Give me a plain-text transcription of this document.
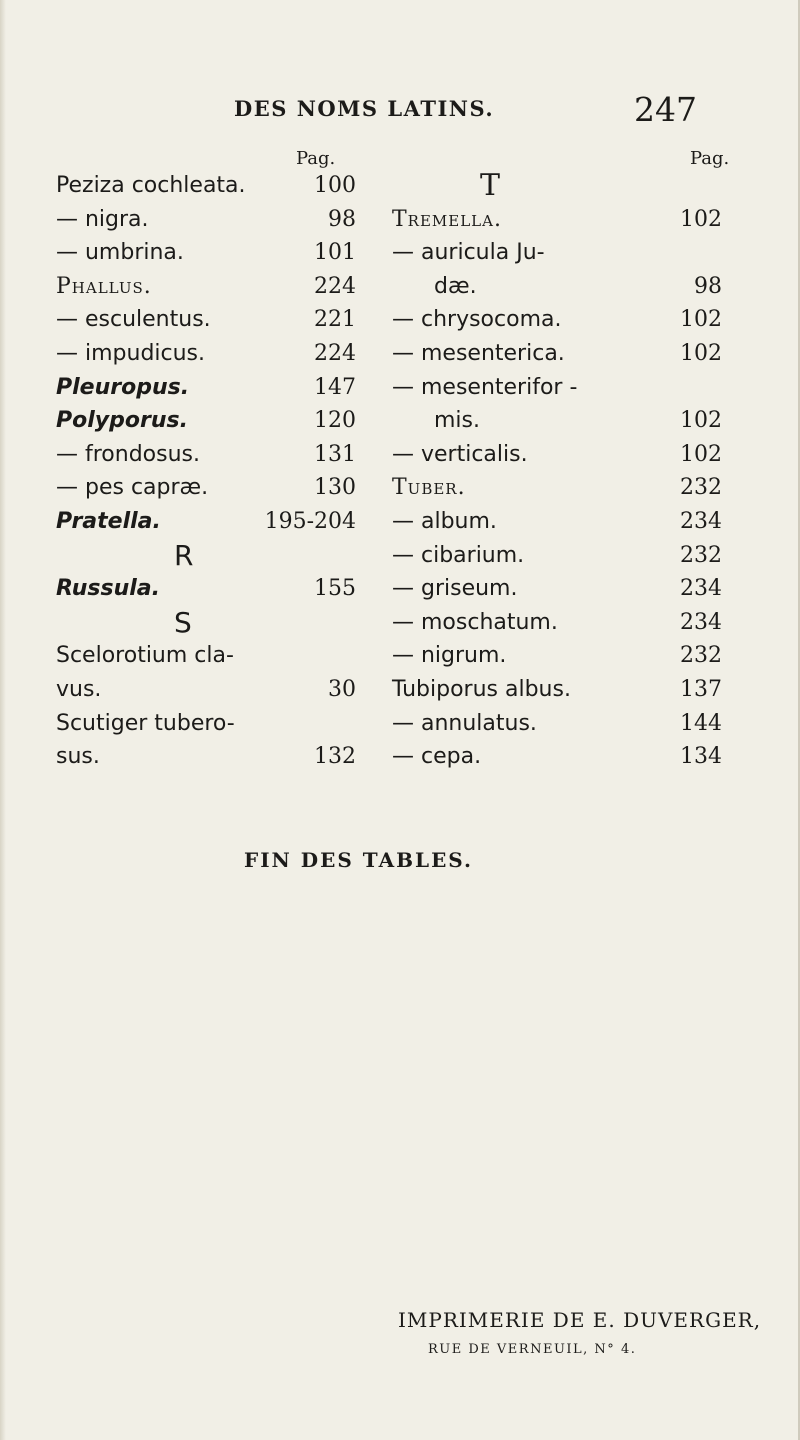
DES NOMS LATINS.	247
Pag.
Peziza cochleata.	100
— nigra.	98
— umbrina.	101
Phallus.	224
— esculentus.	221
— impudicus.	224
Pleuropus.	147
Polyporus.	120
— frondosus.	131
— pes capræ.	130
Pratella.	195-204
R
Russula.	155
S
Scelorotium cla-
vus.	30
Scutiger tubero-
sus.	132
Pag.
T
Tremella.	102
— auricula Ju-
dæ.	98
— chrysocoma.	102
— mesenterica.	102
— mesenterifor -
mis.	102
— verticalis.	102
Tuber.	232
— album.	234
— cibarium.	232
— griseum.	234
— moschatum.	234
— nigrum.	232
Tubiporus albus.	137
— annulatus.	144
— cepa.	134
FIN DES TABLES.
IMPRIMERIE DE E. DUVERGER,
RUE DE VERNEUIL, N° 4.
